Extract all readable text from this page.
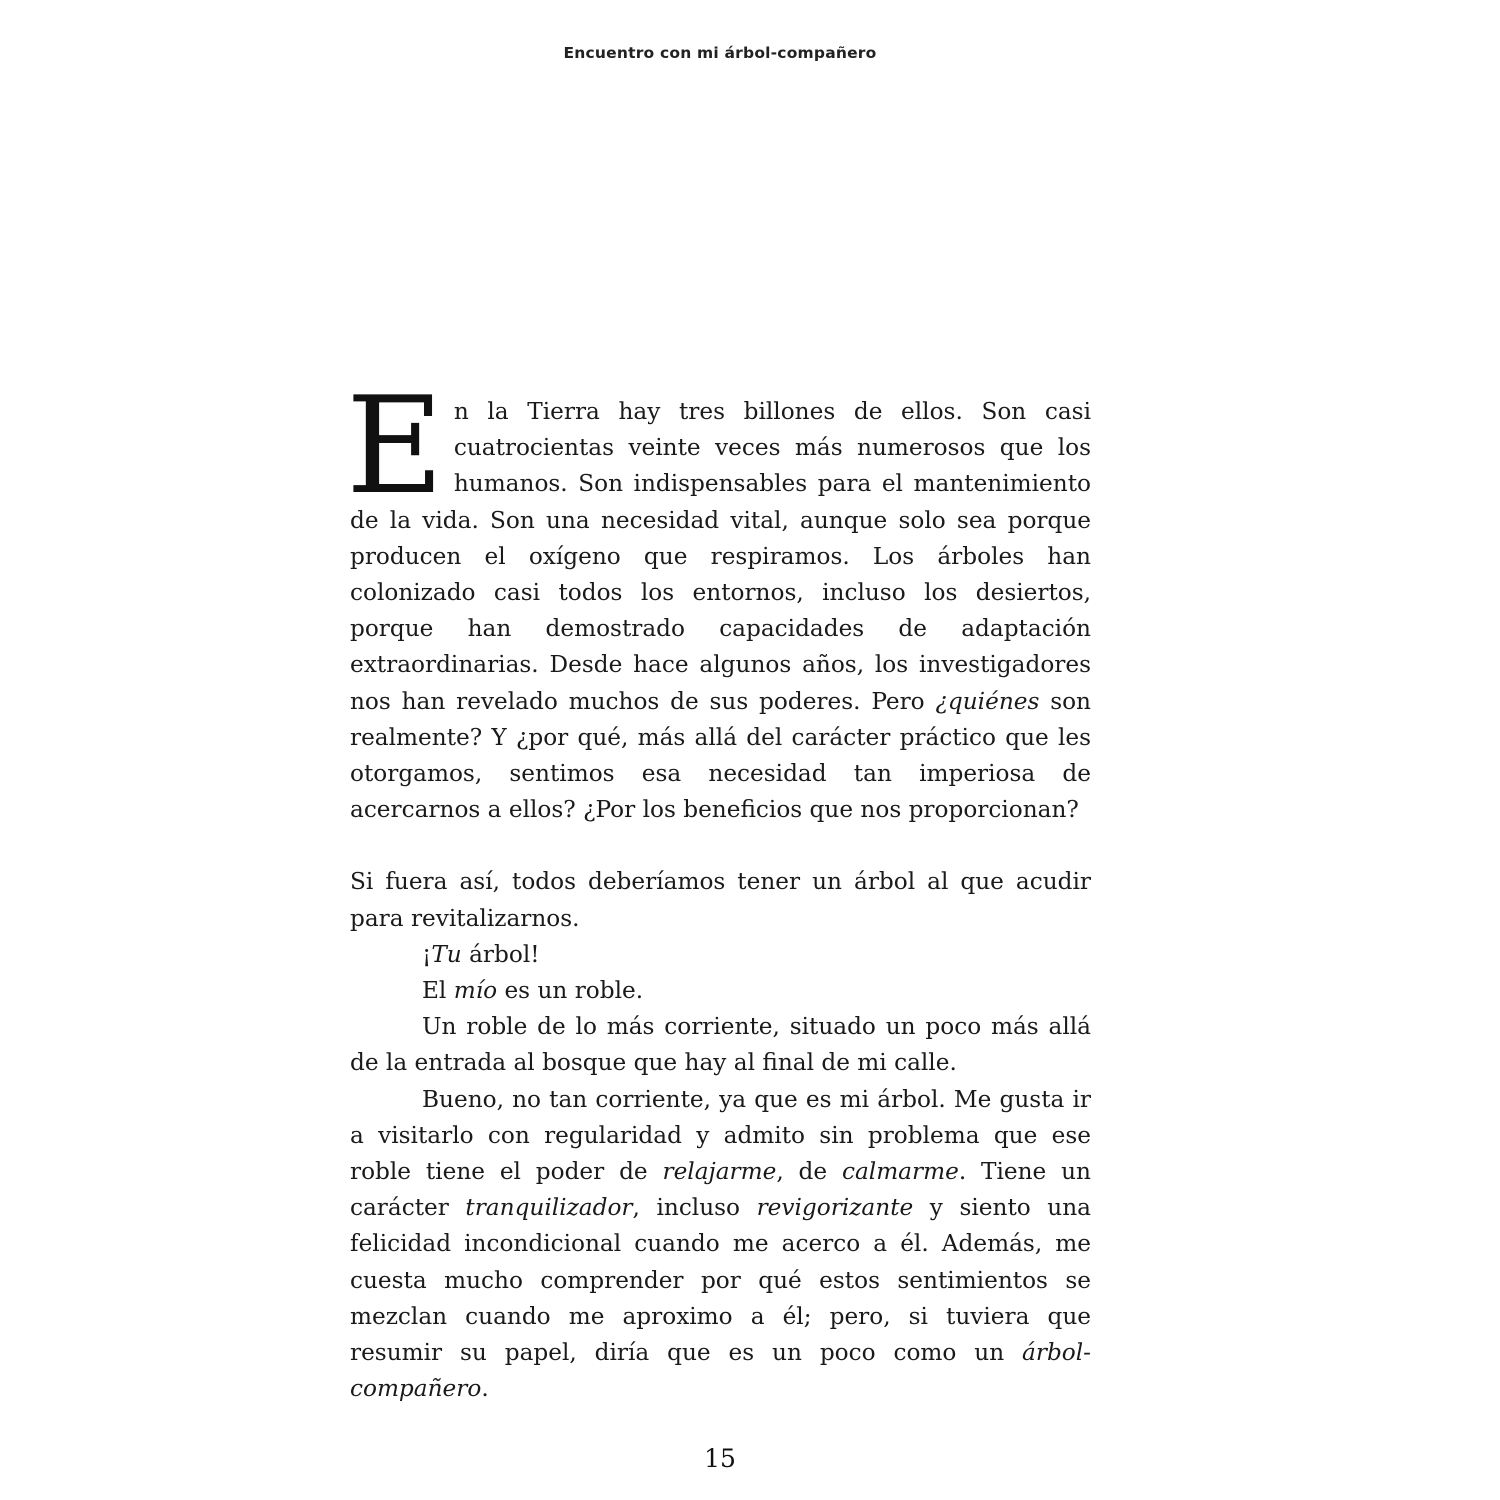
Encuentro con mi árbol-compañero

En la Tierra hay tres billones de ellos. Son casi cuatrocientas veinte veces más numerosos que los humanos. Son indispensables para el mantenimiento de la vida. Son una necesidad vital, aunque solo sea porque producen el oxígeno que respiramos. Los árboles han colonizado casi todos los entornos, incluso los desiertos, porque han demostrado capacidades de adaptación extraordinarias. Desde hace algunos años, los investigadores nos han revelado muchos de sus poderes. Pero ¿quiénes son realmente? Y ¿por qué, más allá del carácter práctico que les otorgamos, sentimos esa necesidad tan imperiosa de acercarnos a ellos? ¿Por los beneficios que nos proporcionan?

Si fuera así, todos deberíamos tener un árbol al que acudir para revitalizarnos.

¡Tu árbol!

El mío es un roble.

Un roble de lo más corriente, situado un poco más allá de la entrada al bosque que hay al final de mi calle.

Bueno, no tan corriente, ya que es mi árbol. Me gusta ir a visitarlo con regularidad y admito sin problema que ese roble tiene el poder de relajarme, de calmarme. Tiene un carácter tranquilizador, incluso revigorizante y siento una felicidad incondicional cuando me acerco a él. Además, me cuesta mucho comprender por qué estos sentimientos se mezclan cuando me aproximo a él; pero, si tuviera que resumir su papel, diría que es un poco como un árbol-compañero.

15
